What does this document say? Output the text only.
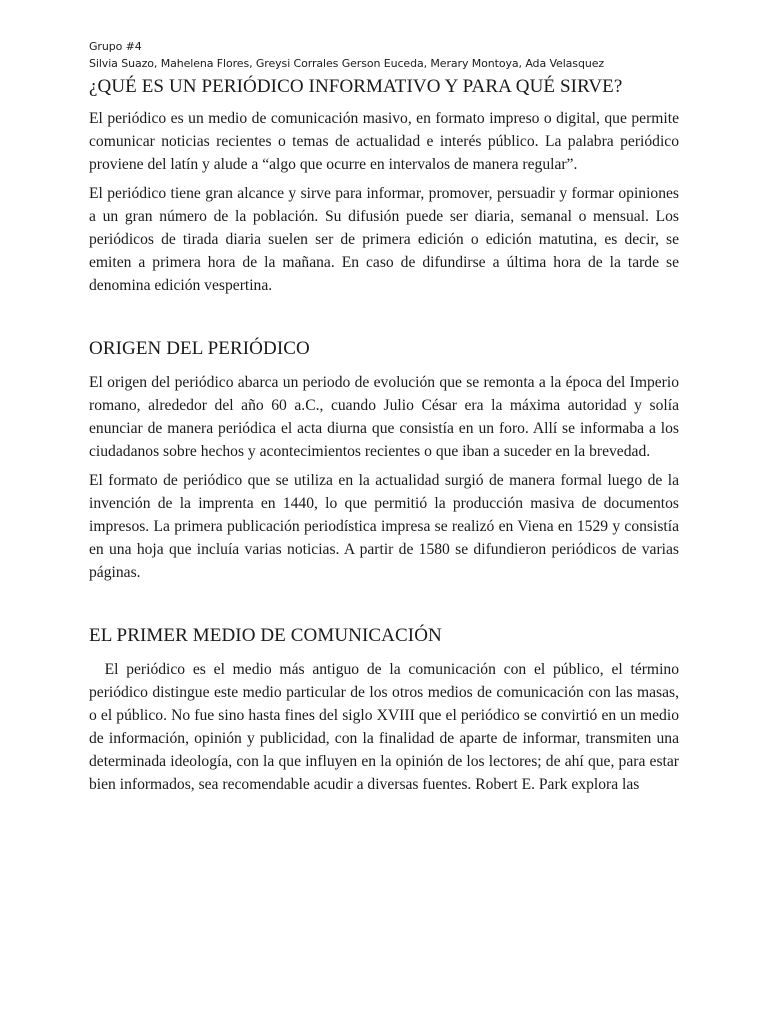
Grupo #4
Silvia Suazo, Mahelena Flores, Greysi Corrales Gerson Euceda, Merary Montoya, Ada Velasquez
¿QUÉ ES UN PERIÓDICO INFORMATIVO Y PARA QUÉ SIRVE?

El periódico es un medio de comunicación masivo, en formato impreso o digital, que permite comunicar noticias recientes o temas de actualidad e interés público. La palabra periódico proviene del latín y alude a “algo que ocurre en intervalos de manera regular”.

El periódico tiene gran alcance y sirve para informar, promover, persuadir y formar opiniones a un gran número de la población. Su difusión puede ser diaria, semanal o mensual. Los periódicos de tirada diaria suelen ser de primera edición o edición matutina, es decir, se emiten a primera hora de la mañana. En caso de difundirse a última hora de la tarde se denomina edición vespertina.

ORIGEN DEL PERIÓDICO

El origen del periódico abarca un periodo de evolución que se remonta a la época del Imperio romano, alrededor del año 60 a.C., cuando Julio César era la máxima autoridad y solía enunciar de manera periódica el acta diurna que consistía en un foro. Allí se informaba a los ciudadanos sobre hechos y acontecimientos recientes o que iban a suceder en la brevedad.

El formato de periódico que se utiliza en la actualidad surgió de manera formal luego de la invención de la imprenta en 1440, lo que permitió la producción masiva de documentos impresos. La primera publicación periodística impresa se realizó en Viena en 1529 y consistía en una hoja que incluía varias noticias. A partir de 1580 se difundieron periódicos de varias páginas.

EL PRIMER MEDIO DE COMUNICACIÓN

El periódico es el medio más antiguo de la comunicación con el público, el término periódico distingue este medio particular de los otros medios de comunicación con las masas, o el público. No fue sino hasta fines del siglo XVIII que el periódico se convirtió en un medio de información, opinión y publicidad, con la finalidad de aparte de informar, transmiten una determinada ideología, con la que influyen en la opinión de los lectores; de ahí que, para estar bien informados, sea recomendable acudir a diversas fuentes. Robert E. Park explora las
